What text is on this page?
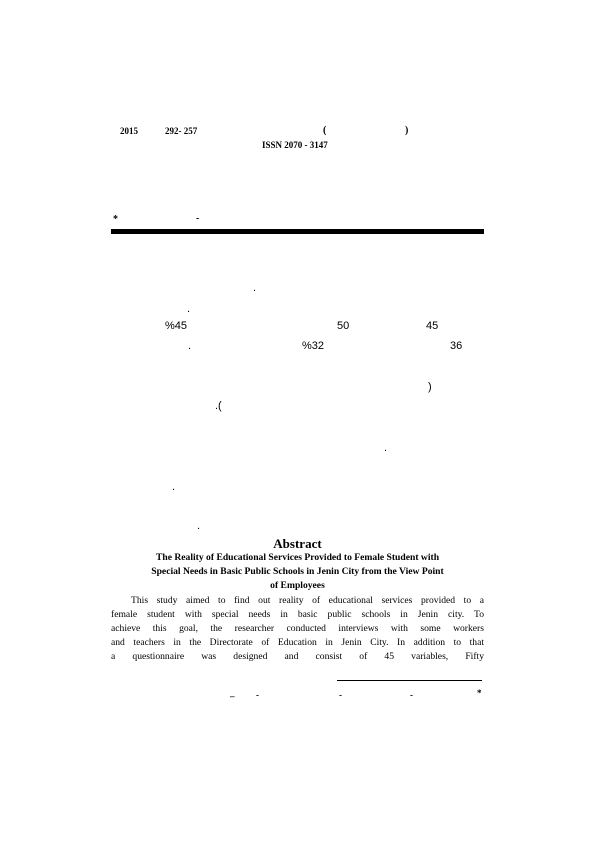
2015	292- 257	(	)
ISSN 2070 - 3147
*	-
.
.
%45	50	45
.	%32	36
)
.(
.
.
.
Abstract
The Reality of Educational Services Provided to Female Student with
Special Needs in Basic Public Schools in Jenin City from the View Point
of Employees
This study aimed to find out reality of educational services provided to a
female student with special needs in basic public schools in Jenin city. To
achieve this goal, the researcher conducted interviews with some workers
and teachers in the Directorate of Education in Jenin City. In addition to that
a questionnaire was designed and consist of 45 variables, Fifty
_ -	-	-	*
